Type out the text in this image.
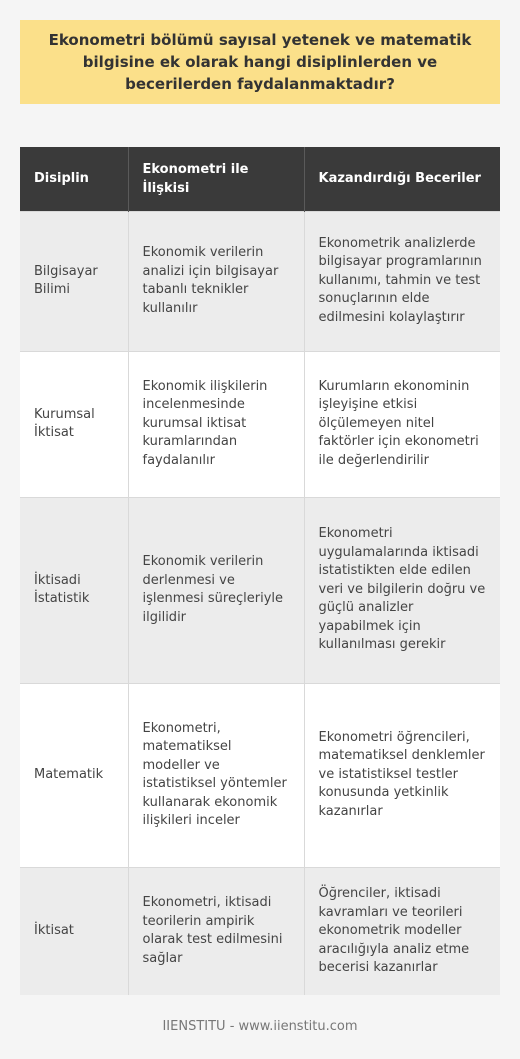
Ekonometri bölümü sayısal yetenek ve matematik bilgisine ek olarak hangi disiplinlerden ve becerilerden faydalanmaktadır?
Disiplin	Ekonometri ile İlişkisi	Kazandırdığı Beceriler
Bilgisayar Bilimi	Ekonomik verilerin analizi için bilgisayar tabanlı teknikler kullanılır	Ekonometrik analizlerde bilgisayar programlarının kullanımı, tahmin ve test sonuçlarının elde edilmesini kolaylaştırır
Kurumsal İktisat	Ekonomik ilişkilerin incelenmesinde kurumsal iktisat kuramlarından faydalanılır	Kurumların ekonominin işleyişine etkisi ölçülemeyen nitel faktörler için ekonometri ile değerlendirilir
İktisadi İstatistik	Ekonomik verilerin derlenmesi ve işlenmesi süreçleriyle ilgilidir	Ekonometri uygulamalarında iktisadi istatistikten elde edilen veri ve bilgilerin doğru ve güçlü analizler yapabilmek için kullanılması gerekir
Matematik	Ekonometri, matematiksel modeller ve istatistiksel yöntemler kullanarak ekonomik ilişkileri inceler	Ekonometri öğrencileri, matematiksel denklemler ve istatistiksel testler konusunda yetkinlik kazanırlar
İktisat	Ekonometri, iktisadi teorilerin ampirik olarak test edilmesini sağlar	Öğrenciler, iktisadi kavramları ve teorileri ekonometrik modeller aracılığıyla analiz etme becerisi kazanırlar
IIENSTITU - www.iienstitu.com
